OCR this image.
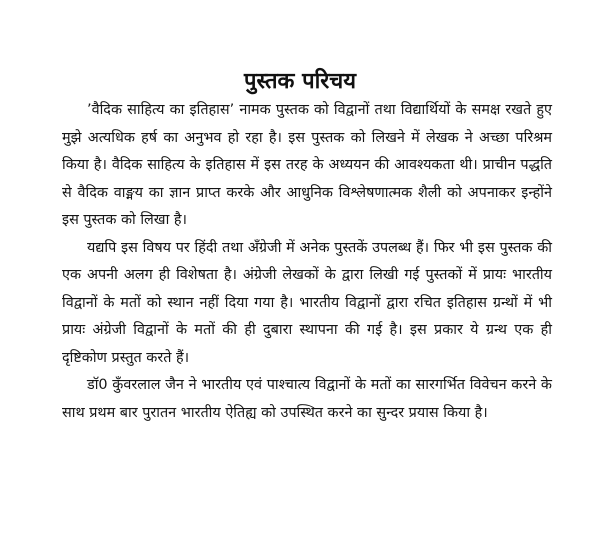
पुस्तक परिचय

’वैदिक साहित्य का इतिहास’ नामक पुस्तक को विद्वानों तथा विद्यार्थियों के समक्ष रखते हुए मुझे अत्यधिक हर्ष का अनुभव हो रहा है। इस पुस्तक को लिखने में लेखक ने अच्छा परिश्रम किया है। वैदिक साहित्य के इतिहास में इस तरह के अध्ययन की आवश्यकता थी। प्राचीन पद्धति से वैदिक वाङ्मय का ज्ञान प्राप्त करके और आधुनिक विश्लेषणात्मक शैली को अपनाकर इन्होंने इस पुस्तक को लिखा है।

यद्यपि इस विषय पर हिंदी तथा अँग्रेजी में अनेक पुस्तकें उपलब्ध हैं। फिर भी इस पुस्तक की एक अपनी अलग ही विशेषता है। अंग्रेजी लेखकों के द्वारा लिखी गई पुस्तकों में प्रायः भारतीय विद्वानों के मतों को स्थान नहीं दिया गया है। भारतीय विद्वानों द्वारा रचित इतिहास ग्रन्थों में भी प्रायः अंग्रेजी विद्वानों के मतों की ही दुबारा स्थापना की गई है। इस प्रकार ये ग्रन्थ एक ही दृष्टिकोण प्रस्तुत करते हैं।

डॉ0 कुँवरलाल जैन ने भारतीय एवं पाश्चात्य विद्वानों के मतों का सारगर्भित विवेचन करने के साथ प्रथम बार पुरातन भारतीय ऐतिह्य को उपस्थित करने का सुन्दर प्रयास किया है।
